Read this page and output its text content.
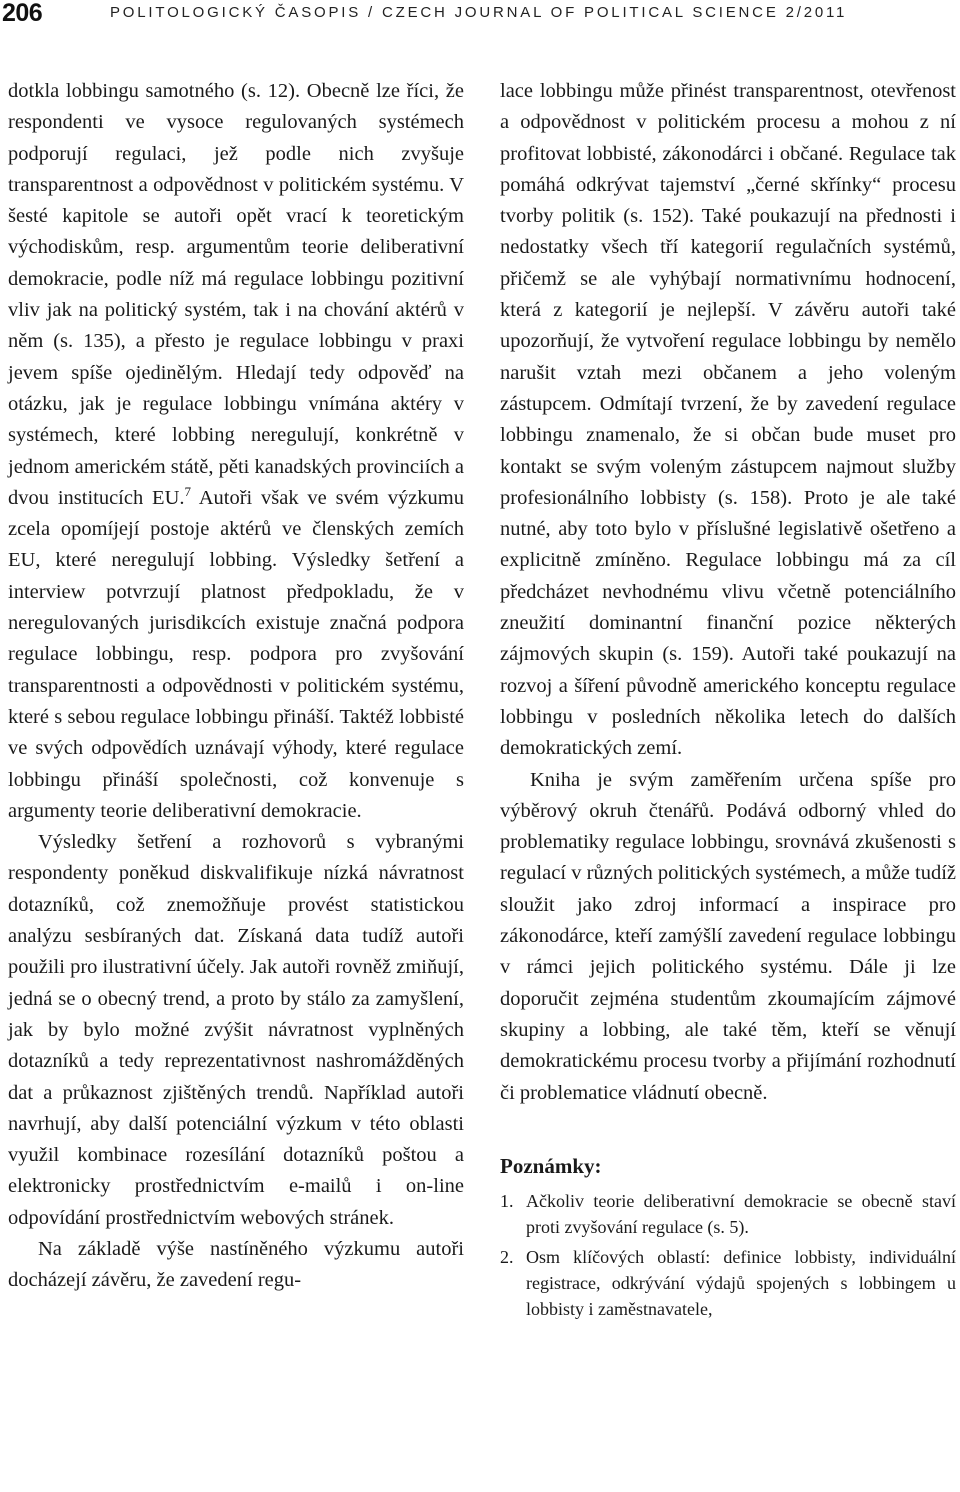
206	POLITOLOGICKÝ ČASOPIS / CZECH JOURNAL OF POLITICAL SCIENCE 2/2011

dotkla lobbingu samotného (s. 12). Obecně lze říci, že respondenti ve vysoce regulovaných systémech podporují regulaci, jež podle nich zvyšuje transparentnost a odpovědnost v politickém systému. V šesté kapitole se autoři opět vrací k teoretickým východiskům, resp. argumentům teorie deliberativní demokracie, podle níž má regulace lobbingu pozitivní vliv jak na politický systém, tak i na chování aktérů v něm (s. 135), a přesto je regulace lobbingu v praxi jevem spíše ojedinělým. Hledají tedy odpověď na otázku, jak je regulace lobbingu vnímána aktéry v systémech, které lobbing neregulují, konkrétně v jednom americkém státě, pěti kanadských provinciích a dvou institucích EU.$^7$ Autoři však ve svém výzkumu zcela opomíjejí postoje aktérů ve členských zemích EU, které neregulují lobbing. Výsledky šetření a interview potvrzují platnost předpokladu, že v neregulovaných jurisdikcích existuje značná podpora regulace lobbingu, resp. podpora pro zvyšování transparentnosti a odpovědnosti v politickém systému, které s sebou regulace lobbingu přináší. Taktéž lobbisté ve svých odpovědích uznávají výhody, které regulace lobbingu přináší společnosti, což konvenuje s argumenty teorie deliberativní demokracie.

Výsledky šetření a rozhovorů s vybranými respondenty poněkud diskvalifikuje nízká návratnost dotazníků, což znemožňuje provést statistickou analýzu sesbíraných dat. Získaná data tudíž autoři použili pro ilustrativní účely. Jak autoři rovněž zmiňují, jedná se o obecný trend, a proto by stálo za zamyšlení, jak by bylo možné zvýšit návratnost vyplněných dotazníků a tedy reprezentativnost nashromážděných dat a průkaznost zjištěných trendů. Například autoři navrhují, aby další potenciální výzkum v této oblasti využil kombinace rozesílání dotazníků poštou a elektronicky prostřednictvím e-mailů i on-line odpovídání prostřednictvím webových stránek.

Na základě výše nastíněného výzkumu autoři docházejí závěru, že zavedení regu-

lace lobbingu může přinést transparentnost, otevřenost a odpovědnost v politickém procesu a mohou z ní profitovat lobbisté, zákonodárci i občané. Regulace tak pomáhá odkrývat tajemství „černé skřínky“ procesu tvorby politik (s. 152). Také poukazují na přednosti i nedostatky všech tří kategorií regulačních systémů, přičemž se ale vyhýbají normativnímu hodnocení, která z kategorií je nejlepší. V závěru autoři také upozorňují, že vytvoření regulace lobbingu by nemělo narušit vztah mezi občanem a jeho voleným zástupcem. Odmítají tvrzení, že by zavedení regulace lobbingu znamenalo, že si občan bude muset pro kontakt se svým voleným zástupcem najmout služby profesionálního lobbisty (s. 158). Proto je ale také nutné, aby toto bylo v příslušné legislativě ošetřeno a explicitně zmíněno. Regulace lobbingu má za cíl předcházet nevhodnému vlivu včetně potenciálního zneužití dominantní finanční pozice některých zájmových skupin (s. 159). Autoři také poukazují na rozvoj a šíření původně amerického konceptu regulace lobbingu v posledních několika letech do dalších demokratických zemí.

Kniha je svým zaměřením určena spíše pro výběrový okruh čtenářů. Podává odborný vhled do problematiky regulace lobbingu, srovnává zkušenosti s regulací v různých politických systémech, a může tudíž sloužit jako zdroj informací a inspirace pro zákonodárce, kteří zamýšlí zavedení regulace lobbingu v rámci jejich politického systému. Dále ji lze doporučit zejména studentům zkoumajícím zájmové skupiny a lobbing, ale také těm, kteří se věnují demokratickému procesu tvorby a přijímání rozhodnutí či problematice vládnutí obecně.

Poznámky:

1. Ačkoliv teorie deliberativní demokracie se obecně staví proti zvyšování regulace (s. 5).
2. Osm klíčových oblastí: definice lobbisty, individuální registrace, odkrývání výdajů spojených s lobbingem u lobbisty i zaměstnavatele,
